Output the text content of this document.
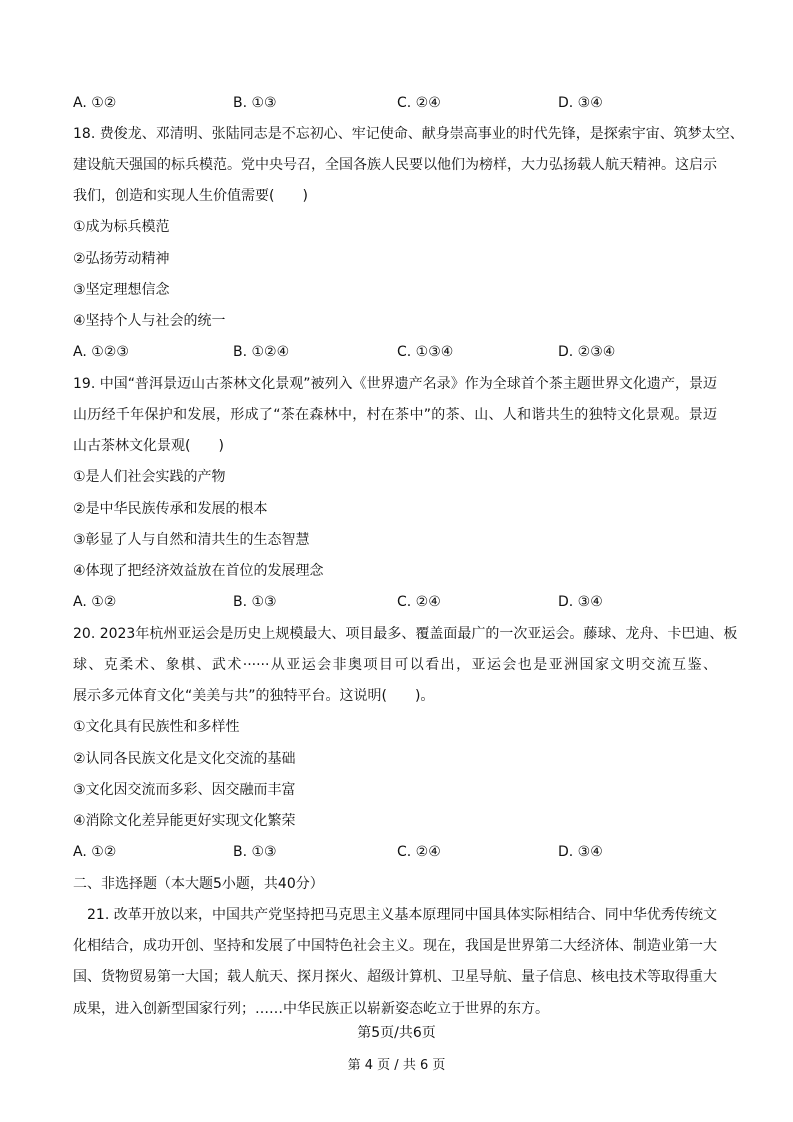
A. ①②	B. ①③	C. ②④	D. ③④
18. 费俊龙、邓清明、张陆同志是不忘初心、牢记使命、献身崇高事业的时代先锋，是探索宇宙、筑梦太空、
建设航天强国的标兵模范。党中央号召，全国各族人民要以他们为榜样，大力弘扬载人航天精神。这启示
我们，创造和实现人生价值需要(　　)
①成为标兵模范
②弘扬劳动精神
③坚定理想信念
④坚持个人与社会的统一
A. ①②③	B. ①②④	C. ①③④	D. ②③④
19. 中国“普洱景迈山古茶林文化景观”被列入《世界遗产名录》作为全球首个茶主题世界文化遗产，景迈
山历经千年保护和发展，形成了“茶在森林中，村在茶中”的茶、山、人和谐共生的独特文化景观。景迈
山古茶林文化景观(　　)
①是人们社会实践的产物
②是中华民族传承和发展的根本
③彰显了人与自然和清共生的生态智慧
④体现了把经济效益放在首位的发展理念
A. ①②	B. ①③	C. ②④	D. ③④
20. 2023年杭州亚运会是历史上规模最大、项目最多、覆盖面最广的一次亚运会。藤球、龙舟、卡巴迪、板
球、克柔术、象棋、武术······从亚运会非奥项目可以看出，亚运会也是亚洲国家文明交流互鉴、
展示多元体育文化“美美与共”的独特平台。这说明(　　)。
①文化具有民族性和多样性
②认同各民族文化是文化交流的基础
③文化因交流而多彩、因交融而丰富
④消除文化差异能更好实现文化繁荣
A. ①②	B. ①③	C. ②④	D. ③④
二、非选择题（本大题5小题，共40分）
　21. 改革开放以来，中国共产党坚持把马克思主义基本原理同中国具体实际相结合、同中华优秀传统文
化相结合，成功开创、坚持和发展了中国特色社会主义。现在，我国是世界第二大经济体、制造业第一大
国、货物贸易第一大国；载人航天、探月探火、超级计算机、卫星导航、量子信息、核电技术等取得重大
成果，进入创新型国家行列；……中华民族正以崭新姿态屹立于世界的东方。
第5页/共6页
第 4 页 / 共 6 页
